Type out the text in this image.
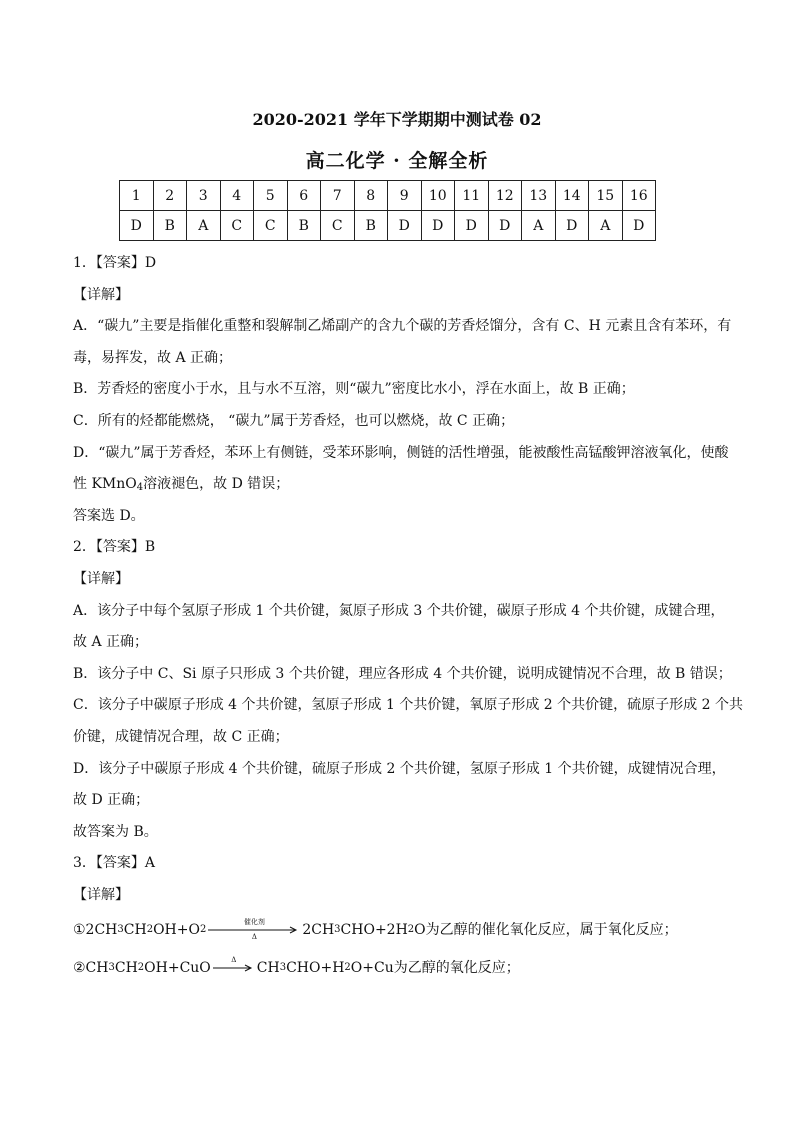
2020-2021 学年下学期期中测试卷 02
高二化学 · 全解全析
1	2	3	4	5	6	7	8	9	10	11	12	13	14	15	16
D	B	A	C	C	B	C	B	D	D	D	D	A	D	A	D
1．【答案】D
【详解】
A．“碳九”主要是指催化重整和裂解制乙烯副产的含九个碳的芳香烃馏分，含有 C、H 元素且含有苯环，有
毒，易挥发，故 A 正确；
B．芳香烃的密度小于水，且与水不互溶，则“碳九”密度比水小，浮在水面上，故 B 正确；
C．所有的烃都能燃烧， “碳九”属于芳香烃，也可以燃烧，故 C 正确；
D．“碳九”属于芳香烃，苯环上有侧链，受苯环影响，侧链的活性增强，能被酸性高锰酸钾溶液氧化，使酸
性 KMnO$_4$溶液褪色，故 D 错误；
答案选 D。
2．【答案】B
【详解】
A．该分子中每个氢原子形成 1 个共价键，氮原子形成 3 个共价键，碳原子形成 4 个共价键，成键合理，
故 A 正确；
B．该分子中 C、Si 原子只形成 3 个共价键，理应各形成 4 个共价键，说明成键情况不合理，故 B 错误；
C．该分子中碳原子形成 4 个共价键，氢原子形成 1 个共价键，氧原子形成 2 个共价键，硫原子形成 2 个共
价键，成键情况合理，故 C 正确；
D．该分子中碳原子形成 4 个共价键，硫原子形成 2 个共价键，氢原子形成 1 个共价键，成键情况合理，
故 D 正确；
故答案为 B。
3．【答案】A
【详解】
①2CH 3 CH 2 OH+O 2
催化剂
Δ	2CH 3 CHO+2H 2 O 为乙醇的催化氧化反应，属于氧化反应；
②CH 3 CH 2 OH+CuO	Δ	CH 3 CHO+H 2 O+Cu 为乙醇的氧化反应；
